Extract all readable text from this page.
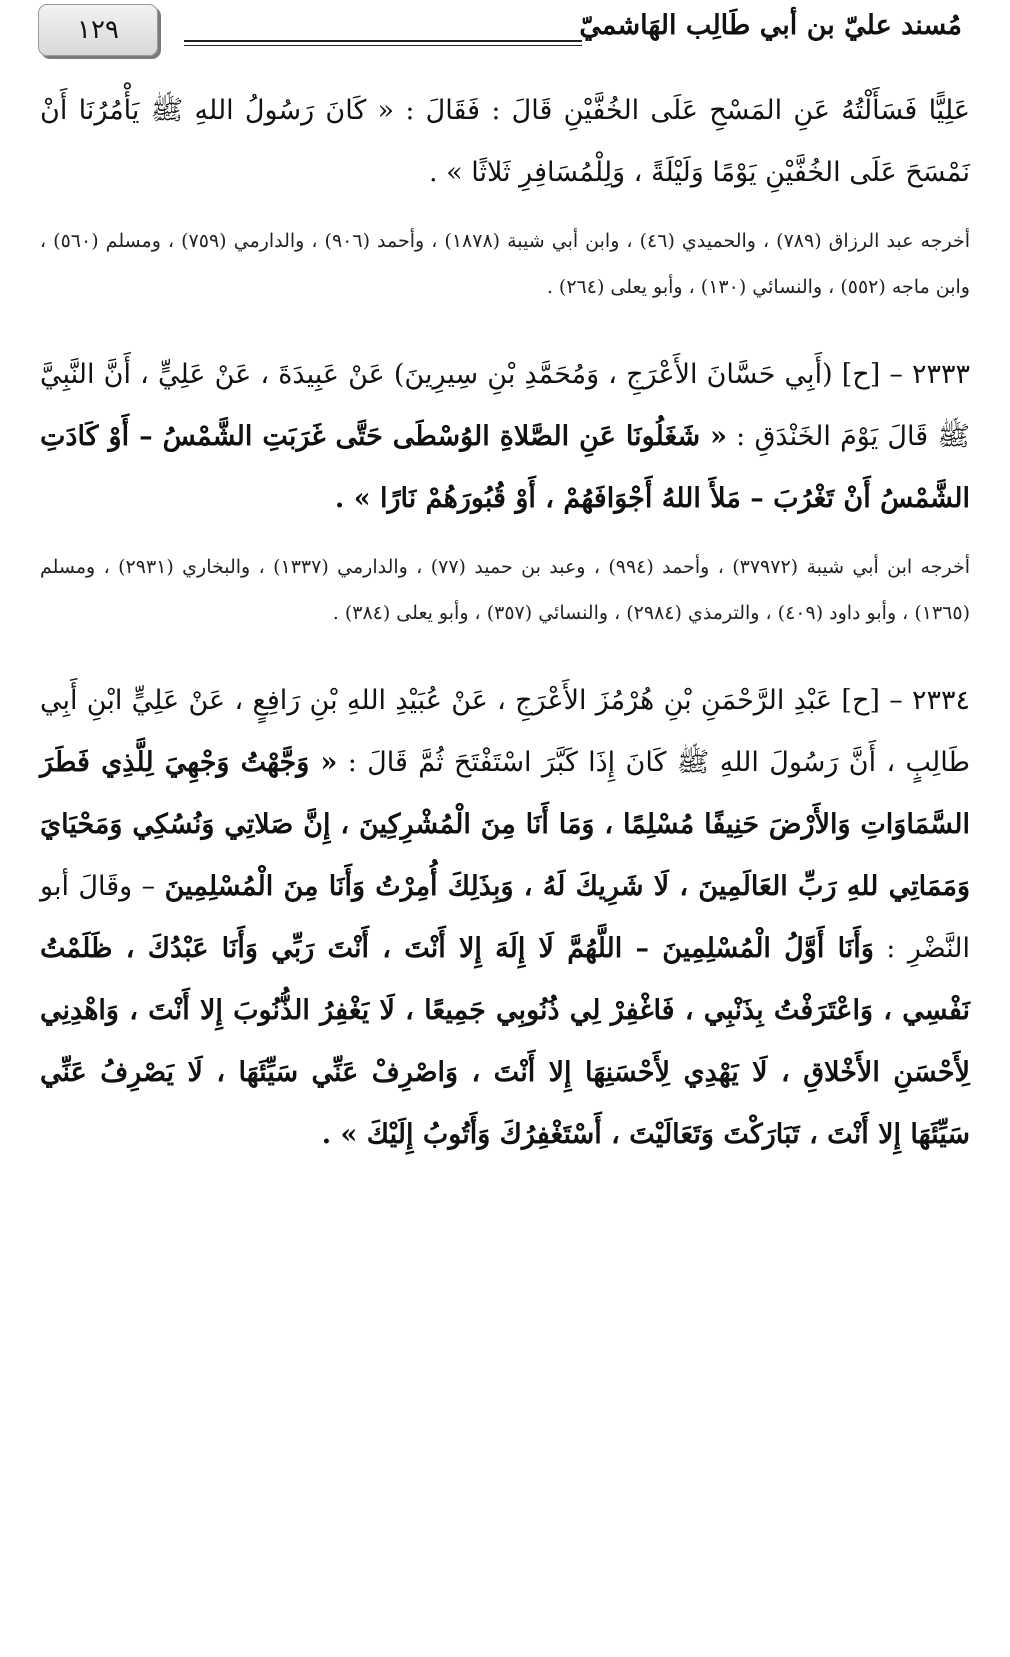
١٢٩	مُسند عليّ بن أبي طَالِب الهَاشميّ

عَلِيًّا فَسَأَلْتُهُ عَنِ المَسْحِ عَلَى الخُفَّيْنِ قَالَ : فَقَالَ : « كَانَ رَسُولُ اللهِ ﷺ يَأْمُرُنَا أَنْ نَمْسَحَ عَلَى الخُفَّيْنِ يَوْمًا وَلَيْلَةً ، وَلِلْمُسَافِرِ ثَلاثًا » .

أخرجه عبد الرزاق (٧٨٩) ، والحميدي (٤٦) ، وابن أبي شيبة (١٨٧٨) ، وأحمد (٩٠٦) ، والدارمي (٧٥٩) ، ومسلم (٥٦٠) ، وابن ماجه (٥٥٢) ، والنسائي (١٣٠) ، وأبو يعلى (٢٦٤) .

٢٣٣٣ – [ح] (أَبِي حَسَّانَ الأَعْرَجِ ، وَمُحَمَّدِ بْنِ سِيرِينَ) عَنْ عَبِيدَةَ ، عَنْ عَلِيٍّ ، أَنَّ النَّبِيَّ ﷺ قَالَ يَوْمَ الخَنْدَقِ : « شَغَلُونَا عَنِ الصَّلاةِ الوُسْطَى حَتَّى غَرَبَتِ الشَّمْسُ – أَوْ كَادَتِ الشَّمْسُ أَنْ تَغْرُبَ – مَلأَ اللهُ أَجْوَافَهُمْ ، أَوْ قُبُورَهُمْ نَارًا » .

أخرجه ابن أبي شيبة (٣٧٩٧٢) ، وأحمد (٩٩٤) ، وعبد بن حميد (٧٧) ، والدارمي (١٣٣٧) ، والبخاري (٢٩٣١) ، ومسلم (١٣٦٥) ، وأبو داود (٤٠٩) ، والترمذي (٢٩٨٤) ، والنسائي (٣٥٧) ، وأبو يعلى (٣٨٤) .

٢٣٣٤ – [ح] عَبْدِ الرَّحْمَنِ بْنِ هُرْمُزَ الأَعْرَجِ ، عَنْ عُبَيْدِ اللهِ بْنِ رَافِعٍ ، عَنْ عَلِيٍّ ابْنِ أَبِي طَالِبٍ ، أَنَّ رَسُولَ اللهِ ﷺ كَانَ إِذَا كَبَّرَ اسْتَفْتَحَ ثُمَّ قَالَ : « وَجَّهْتُ وَجْهِيَ لِلَّذِي فَطَرَ السَّمَاوَاتِ وَالأَرْضَ حَنِيفًا مُسْلِمًا ، وَمَا أَنَا مِنَ الْمُشْرِكِينَ ، إِنَّ صَلاتِي وَنُسُكِي وَمَحْيَايَ وَمَمَاتِي للهِ رَبِّ العَالَمِينَ ، لَا شَرِيكَ لَهُ ، وَبِذَلِكَ أُمِرْتُ وَأَنَا مِنَ الْمُسْلِمِينَ – وقَالَ أبو النَّضْرِ : وَأَنَا أَوَّلُ الْمُسْلِمِينَ – اللَّهُمَّ لَا إِلَهَ إِلا أَنْتَ ، أَنْتَ رَبِّي وَأَنَا عَبْدُكَ ، ظَلَمْتُ نَفْسِي ، وَاعْتَرَفْتُ بِذَنْبِي ، فَاغْفِرْ لِي ذُنُوبِي جَمِيعًا ، لَا يَغْفِرُ الذُّنُوبَ إِلا أَنْتَ ، وَاهْدِنِي لِأَحْسَنِ الأَخْلاقِ ، لَا يَهْدِي لِأَحْسَنِهَا إِلا أَنْتَ ، وَاصْرِفْ عَنِّي سَيِّئَهَا ، لَا يَصْرِفُ عَنِّي سَيِّئَهَا إِلا أَنْتَ ، تَبَارَكْتَ وَتَعَالَيْتَ ، أَسْتَغْفِرُكَ وَأَتُوبُ إِلَيْكَ » .
